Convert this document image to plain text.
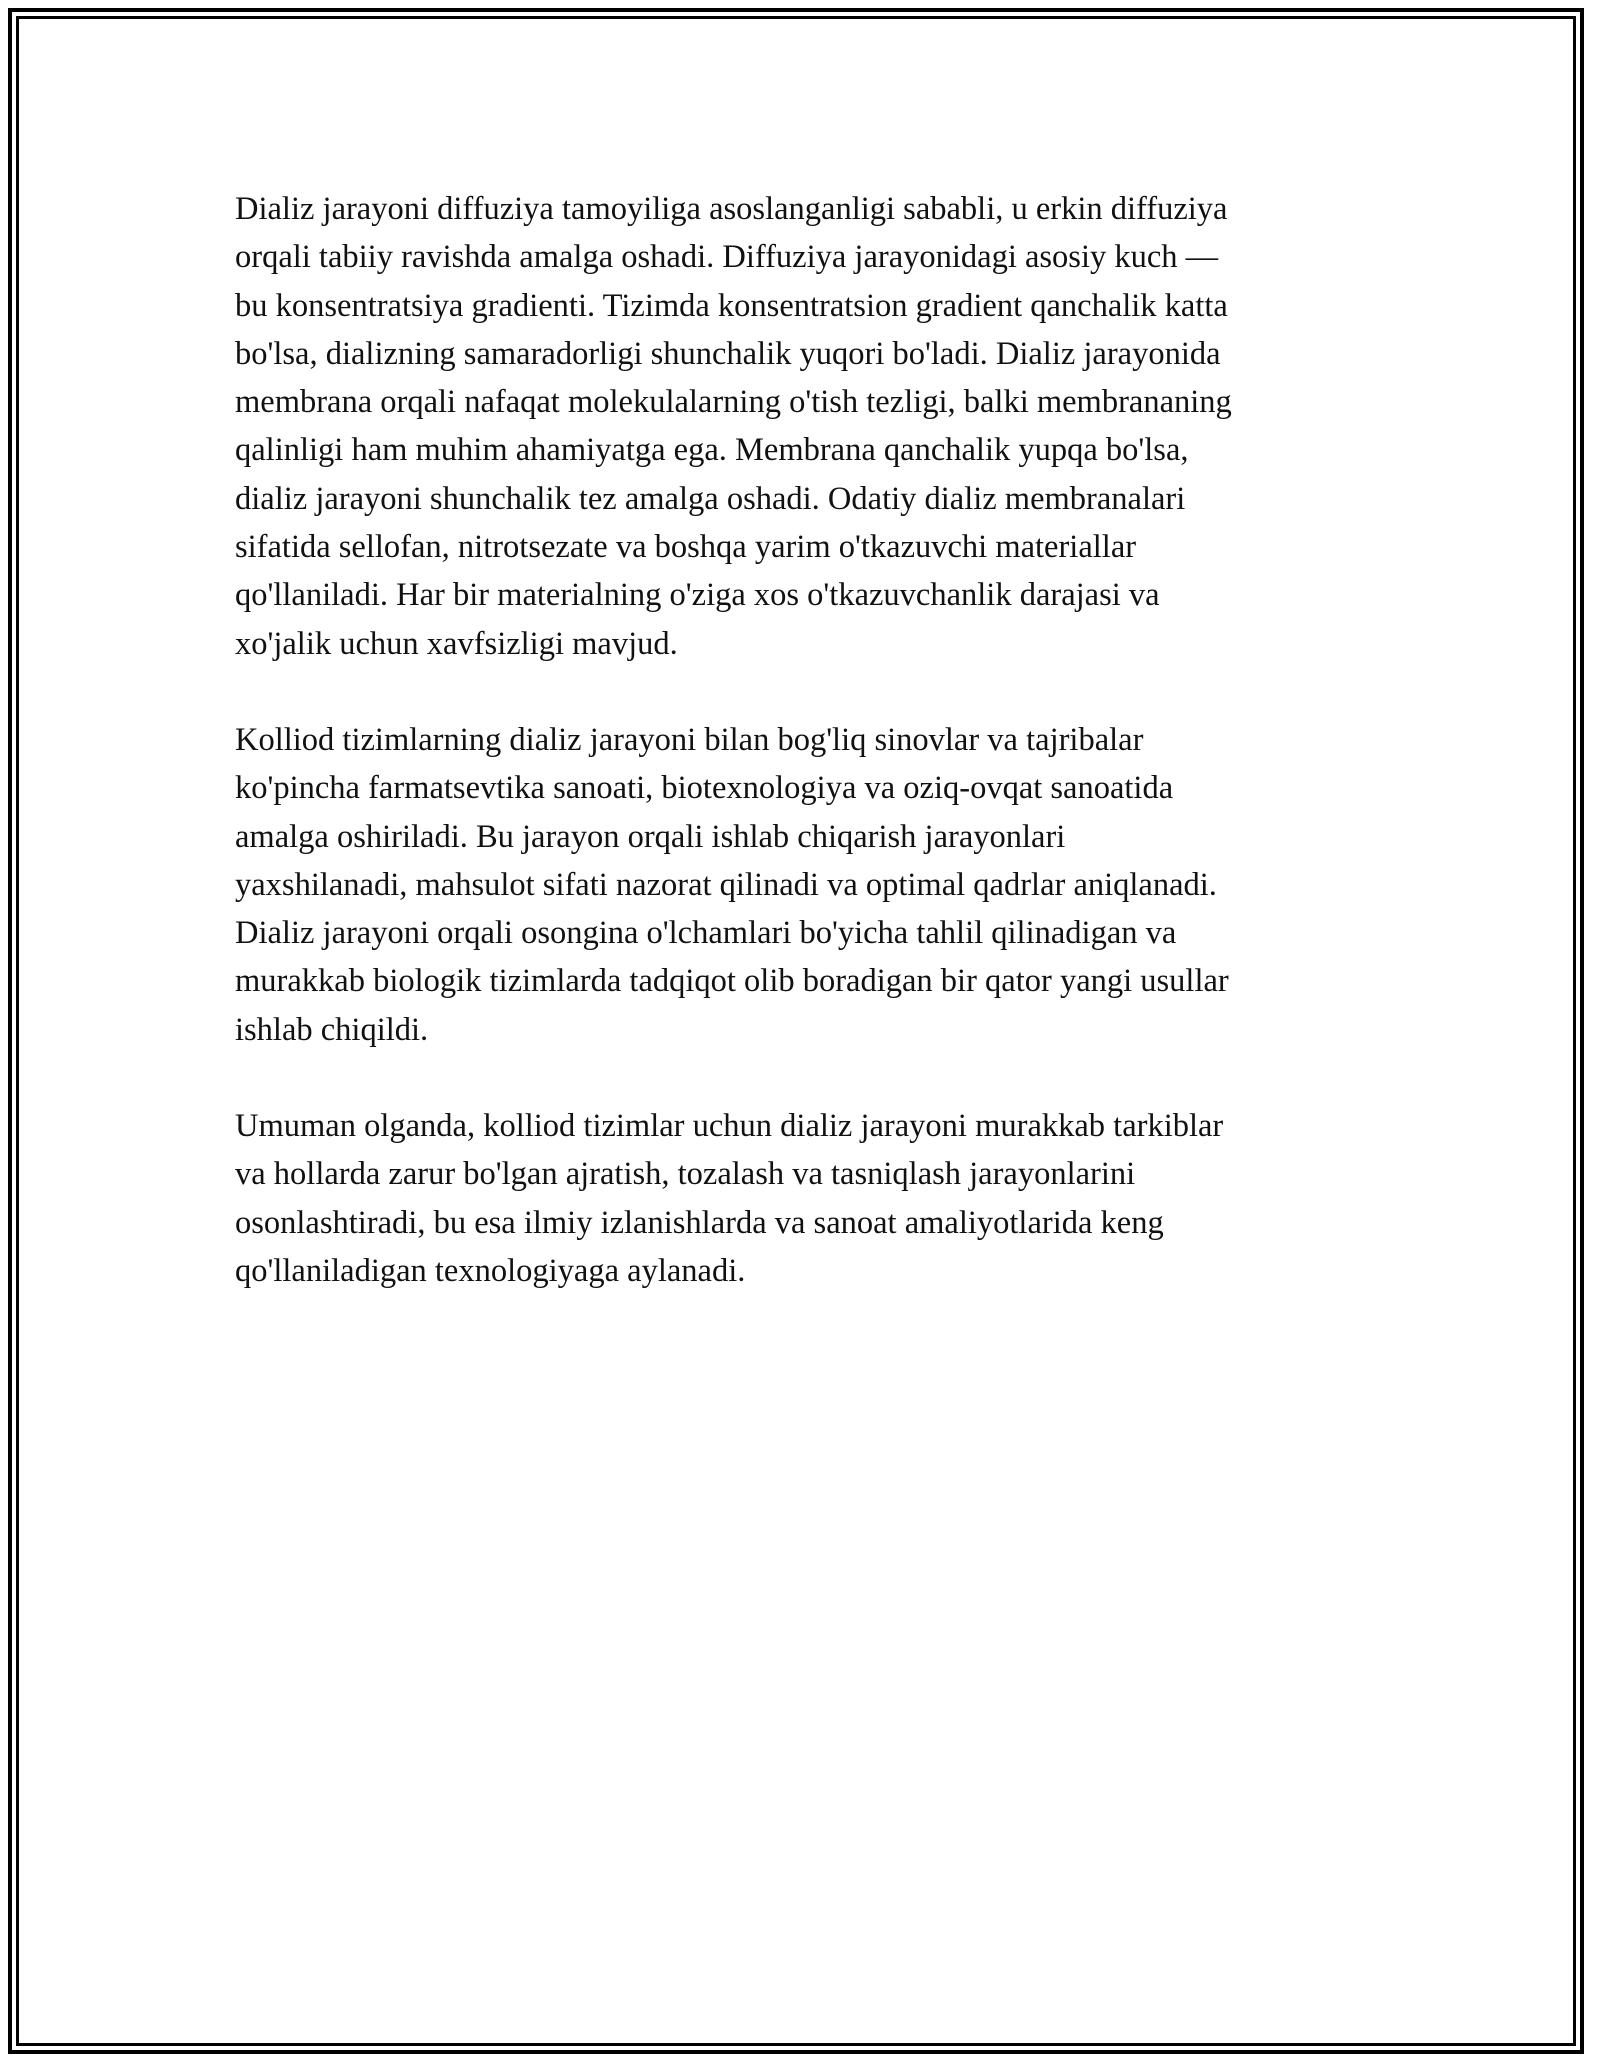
Dializ jarayoni diffuziya tamoyiliga asoslanganligi sababli, u erkin diffuziya
orqali tabiiy ravishda amalga oshadi. Diffuziya jarayonidagi asosiy kuch —
bu konsentratsiya gradienti. Tizimda konsentratsion gradient qanchalik katta
bo'lsa, dializning samaradorligi shunchalik yuqori bo'ladi. Dializ jarayonida
membrana orqali nafaqat molekulalarning o'tish tezligi, balki membrananing
qalinligi ham muhim ahamiyatga ega. Membrana qanchalik yupqa bo'lsa,
dializ jarayoni shunchalik tez amalga oshadi. Odatiy dializ membranalari
sifatida sellofan, nitrotsezate va boshqa yarim o'tkazuvchi materiallar
qo'llaniladi. Har bir materialning o'ziga xos o'tkazuvchanlik darajasi va
xo'jalik uchun xavfsizligi mavjud.

Kolliod tizimlarning dializ jarayoni bilan bog'liq sinovlar va tajribalar
ko'pincha farmatsevtika sanoati, biotexnologiya va oziq-ovqat sanoatida
amalga oshiriladi. Bu jarayon orqali ishlab chiqarish jarayonlari
yaxshilanadi, mahsulot sifati nazorat qilinadi va optimal qadrlar aniqlanadi.
Dializ jarayoni orqali osongina o'lchamlari bo'yicha tahlil qilinadigan va
murakkab biologik tizimlarda tadqiqot olib boradigan bir qator yangi usullar
ishlab chiqildi.

Umuman olganda, kolliod tizimlar uchun dializ jarayoni murakkab tarkiblar
va hollarda zarur bo'lgan ajratish, tozalash va tasniqlash jarayonlarini
osonlashtiradi, bu esa ilmiy izlanishlarda va sanoat amaliyotlarida keng
qo'llaniladigan texnologiyaga aylanadi.
